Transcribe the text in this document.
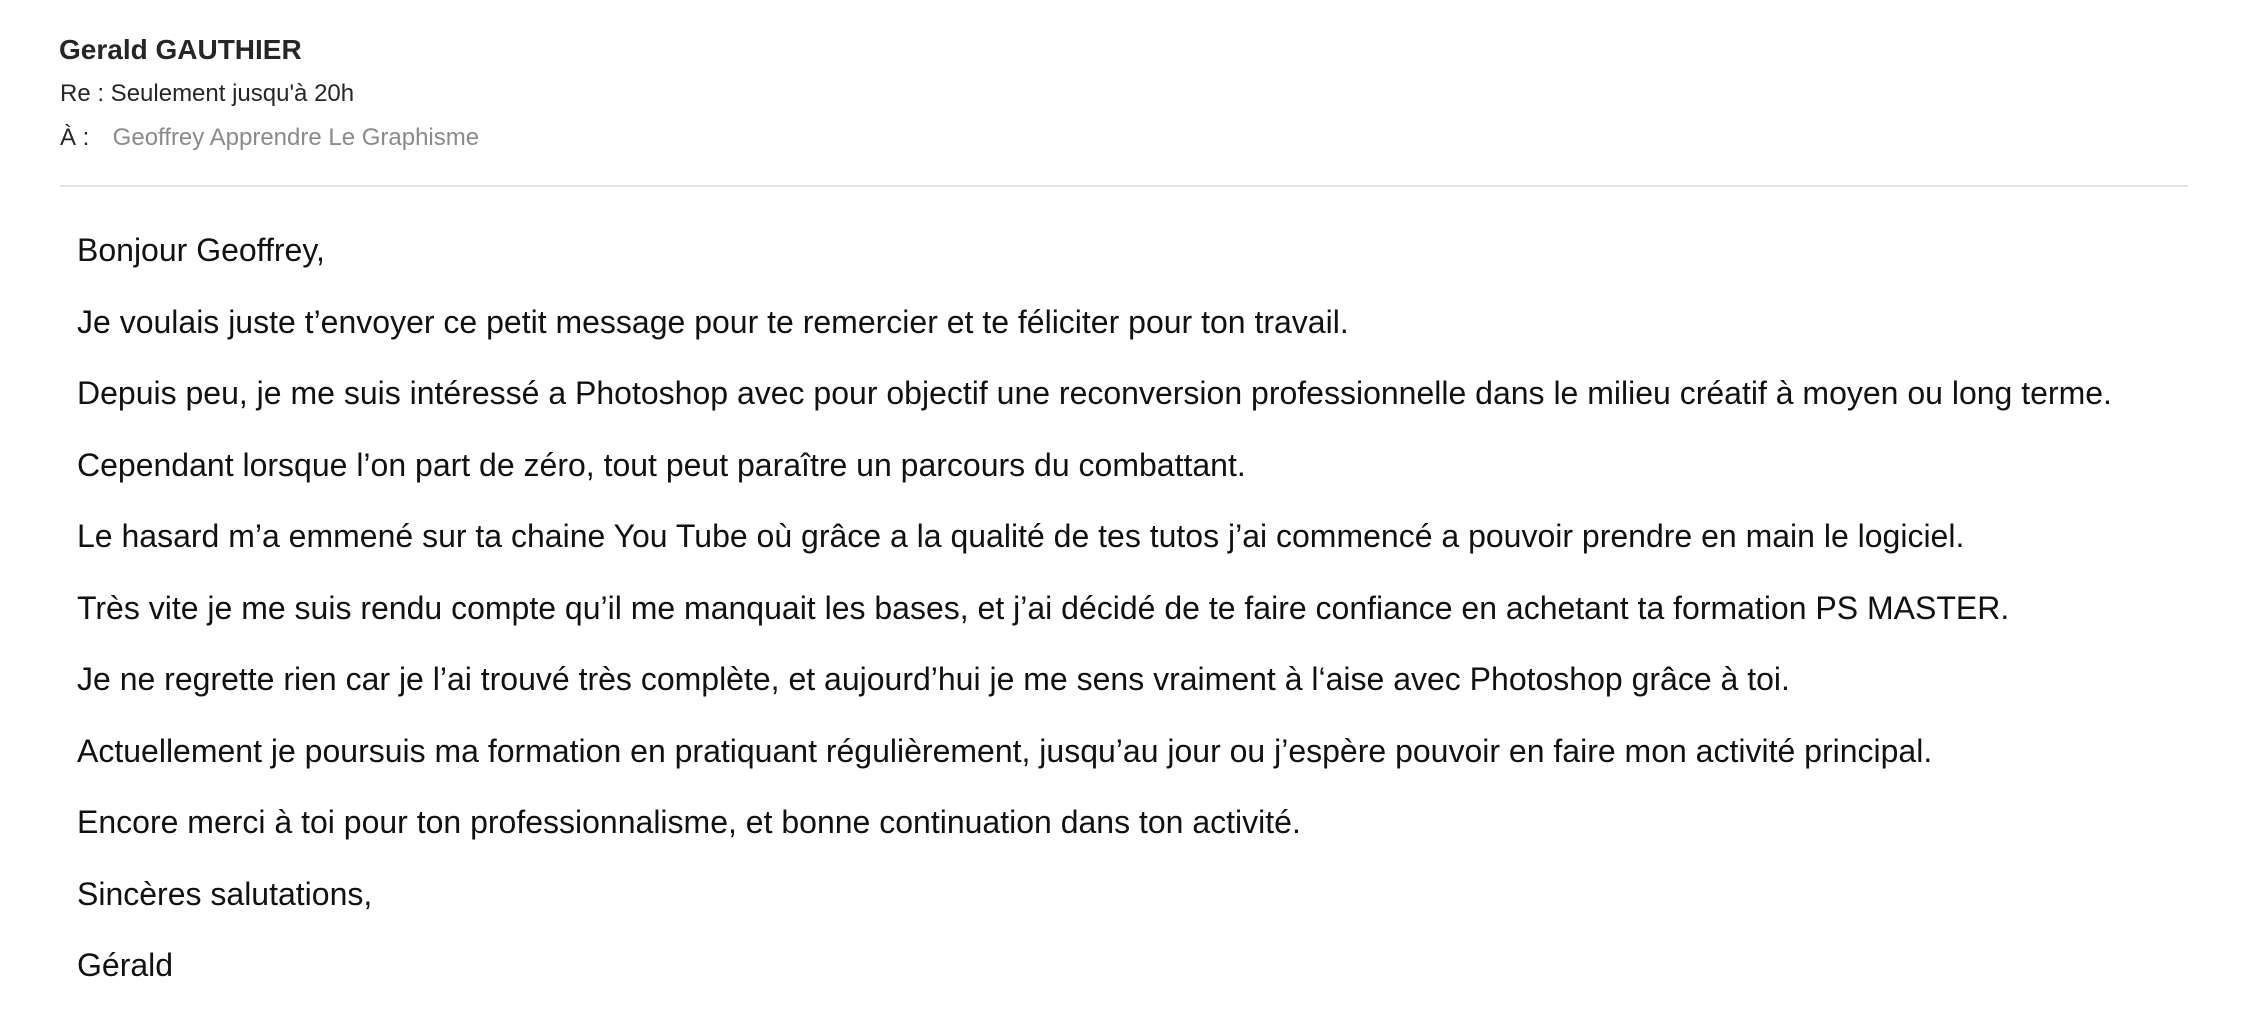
Gerald GAUTHIER
Re : Seulement jusqu'à 20h
À : Geoffrey Apprendre Le Graphisme

Bonjour Geoffrey,

Je voulais juste t’envoyer ce petit message pour te remercier et te féliciter pour ton travail.

Depuis peu, je me suis intéressé a Photoshop avec pour objectif une reconversion professionnelle dans le milieu créatif à moyen ou long terme.

Cependant lorsque l’on part de zéro, tout peut paraître un parcours du combattant.

Le hasard m’a emmené sur ta chaine You Tube où grâce a la qualité de tes tutos j’ai commencé a pouvoir prendre en main le logiciel.

Très vite je me suis rendu compte qu’il me manquait les bases, et j’ai décidé de te faire confiance en achetant ta formation PS MASTER.

Je ne regrette rien car je l’ai trouvé très complète, et aujourd’hui je me sens vraiment à l‘aise avec Photoshop grâce à toi.

Actuellement je poursuis ma formation en pratiquant régulièrement, jusqu’au jour ou j’espère pouvoir en faire mon activité principal.

Encore merci à toi pour ton professionnalisme, et bonne continuation dans ton activité.

Sincères salutations,

Gérald
